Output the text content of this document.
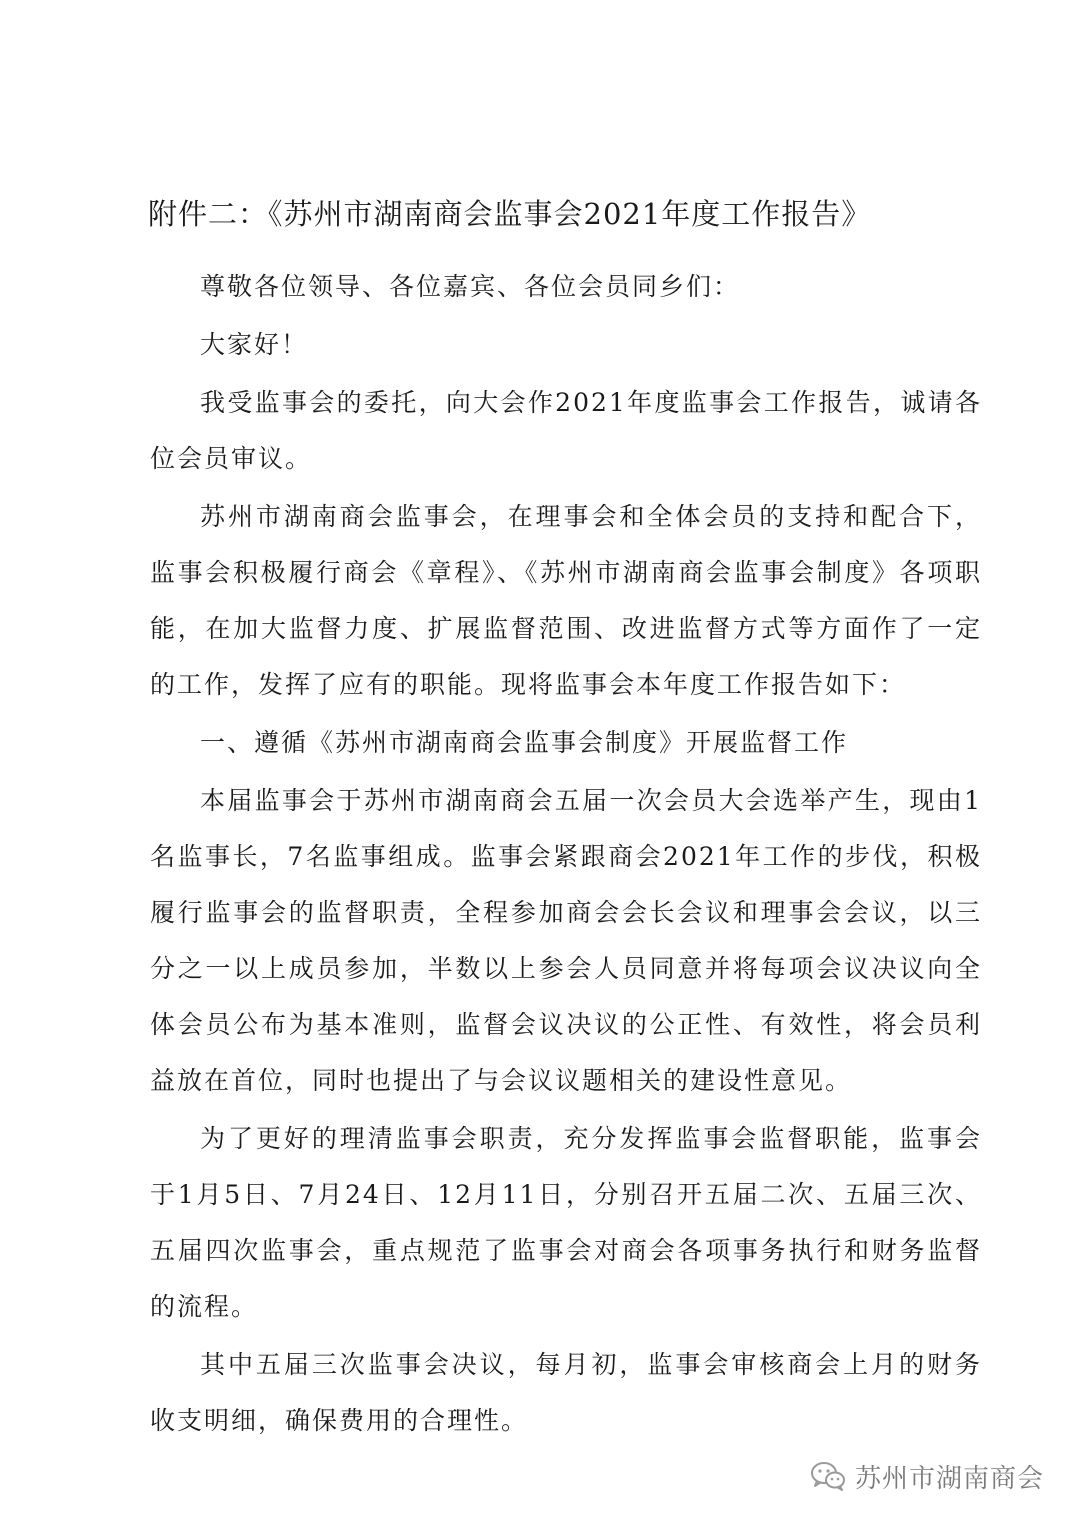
附件二：《苏州市湖南商会监事会2021年度工作报告》

尊敬各位领导、各位嘉宾、各位会员同乡们：

大家好！

我受监事会的委托，向大会作2021年度监事会工作报告，诚请各位会员审议。

苏州市湖南商会监事会，在理事会和全体会员的支持和配合下，监事会积极履行商会《章程》、《苏州市湖南商会监事会制度》各项职能，在加大监督力度、扩展监督范围、改进监督方式等方面作了一定的工作，发挥了应有的职能。现将监事会本年度工作报告如下：

一、遵循《苏州市湖南商会监事会制度》开展监督工作

本届监事会于苏州市湖南商会五届一次会员大会选举产生，现由1名监事长，7名监事组成。监事会紧跟商会2021年工作的步伐，积极履行监事会的监督职责，全程参加商会会长会议和理事会会议，以三分之一以上成员参加，半数以上参会人员同意并将每项会议决议向全体会员公布为基本准则，监督会议决议的公正性、有效性，将会员利益放在首位，同时也提出了与会议议题相关的建设性意见。

为了更好的理清监事会职责，充分发挥监事会监督职能，监事会于1月5日、7月24日、12月11日，分别召开五届二次、五届三次、五届四次监事会，重点规范了监事会对商会各项事务执行和财务监督的流程。

其中五届三次监事会决议，每月初，监事会审核商会上月的财务收支明细，确保费用的合理性。

苏州市湖南商会
